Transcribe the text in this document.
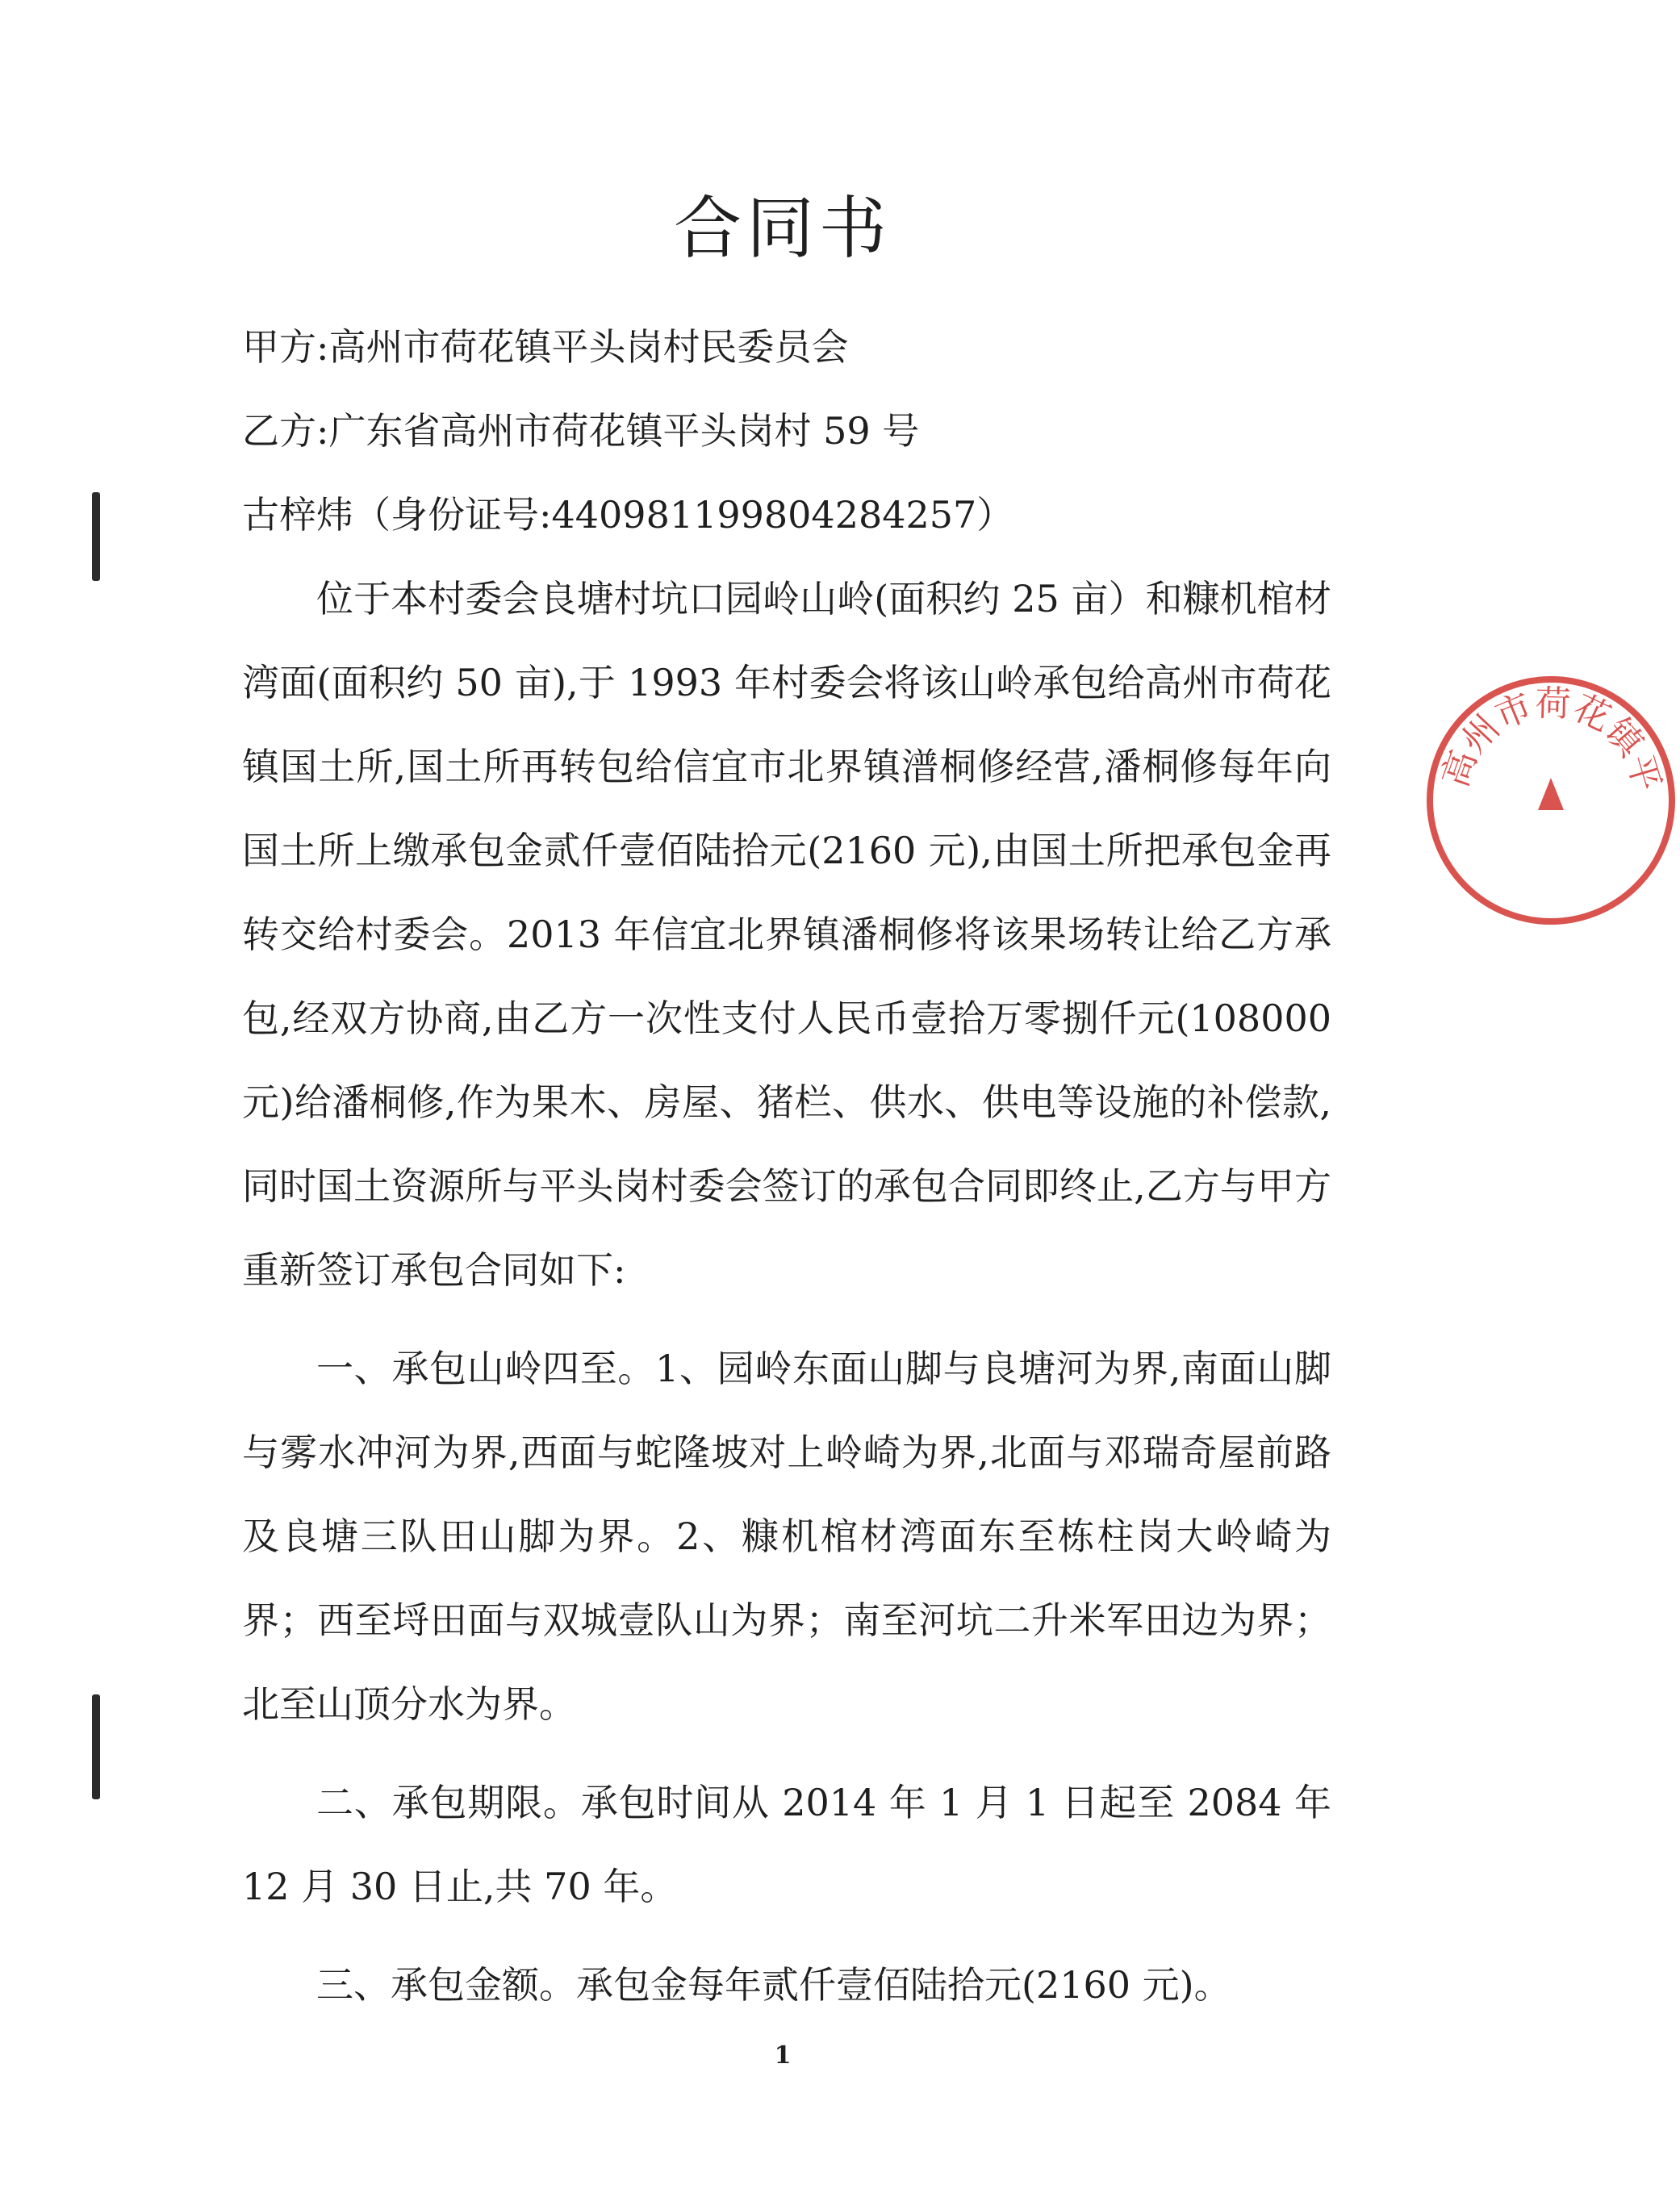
合同书

甲方:高州市荷花镇平头岗村民委员会

乙方:广东省高州市荷花镇平头岗村 59 号

古梓炜（身份证号:440981199804284257）

位于本村委会良塘村坑口园岭山岭(面积约 25 亩）和糠机棺材湾面(面积约 50 亩),于 1993 年村委会将该山岭承包给高州市荷花镇国土所,国土所再转包给信宜市北界镇潽桐修经营,潘桐修每年向国土所上缴承包金贰仟壹佰陆拾元(2160 元),由国土所把承包金再转交给村委会。2013 年信宜北界镇潘桐修将该果场转让给乙方承包,经双方协商,由乙方一次性支付人民币壹拾万零捌仟元(108000 元)给潘桐修,作为果木、房屋、猪栏、供水、供电等设施的补偿款,同时国土资源所与平头岗村委会签订的承包合同即终止,乙方与甲方重新签订承包合同如下:

一、承包山岭四至。1、园岭东面山脚与良塘河为界,南面山脚与雾水冲河为界,西面与蛇隆坡对上岭崎为界,北面与邓瑞奇屋前路及良塘三队田山脚为界。2、糠机棺材湾面东至栋柱岗大岭崎为界；西至埒田面与双城壹队山为界；南至河坑二升米军田边为界；北至山顶分水为界。

二、承包期限。承包时间从 2014 年 1 月 1 日起至 2084 年 12 月 30 日止,共 70 年。

三、承包金额。承包金每年贰仟壹佰陆拾元(2160 元)。

1
高州市荷花镇平头岗村民委员会
